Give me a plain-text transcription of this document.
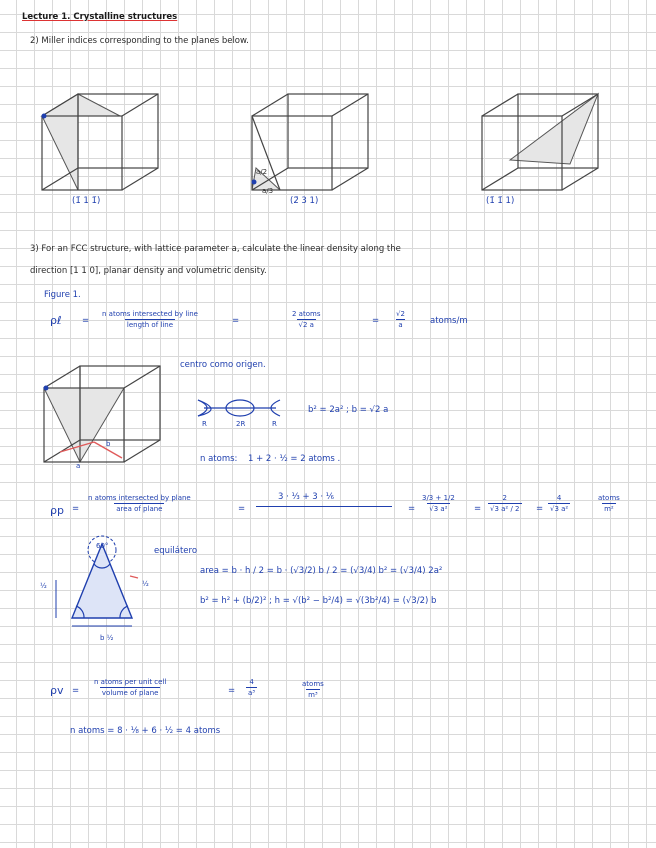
Lecture 1. Crystalline structures
2) Miller indices corresponding to the planes below.
a/2
a/3
(1̄ 1 1̄)	(2̄ 3 1)	(1̄ 1̄ 1)
3) For an FCC structure, with lattice parameter a, calculate the linear density along the
direction [1 1 0], planar density and volumetric density.
Figure 1.
ρℓ =
n atoms intersected by line
length of line	=
2 atoms
√2 a	= $\frac{√2}{a}$	atoms/m
b
a
centro como origen.
R	2R	R
b² = 2a² ; b = √2 a
n atoms: 1 + 2 · ½ = 2 atoms .
ρp =
n atoms intersected by plane
area of plane	=
3 · ⅓ + 3 · ⅙
= $\frac{3/3 + 1/2}{\text{√3 a²}} = \frac{2}{\text{√3 a² / 2}} = \frac{4}{\text{√3 a²}}$	atoms
m²
60°	equilátero
½	½
b ½
area = b · h / 2 = b · (√3/2) b / 2 = (√3/4) b² = (√3/4) 2a²
b² = h² + (b/2)² ; h = √(b² − b²/4) = √(3b²/4) = (√3/2) b
ρv =
n atoms per unit cell
volume of plane	= $\frac{4}{\text{a³}}$	atoms
m³
n atoms = 8 · ⅛ + 6 · ½ = 4 atoms
